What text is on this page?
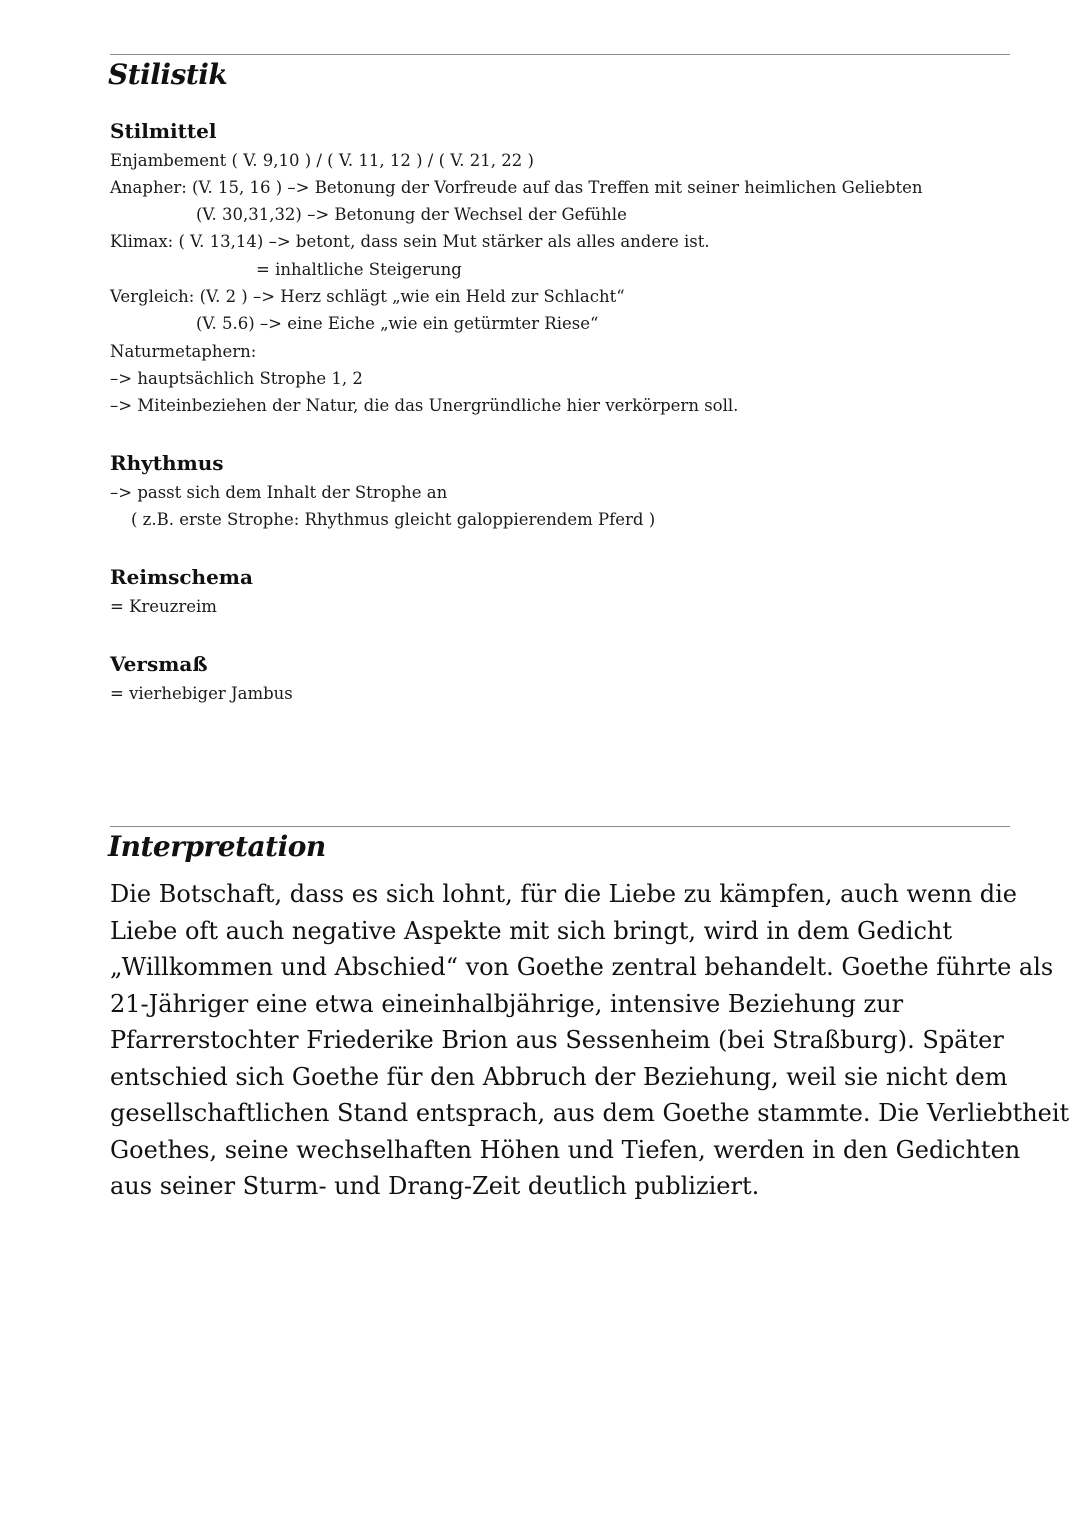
Stilistik
Stilmittel

Enjambement ( V. 9,10 ) / ( V. 11, 12 ) / ( V. 21, 22 )

Anapher: (V. 15, 16 ) –> Betonung der Vorfreude auf das Treffen mit seiner heimlichen Geliebten

(V. 30,31,32) –> Betonung der Wechsel der Gefühle

Klimax: ( V. 13,14) –> betont, dass sein Mut stärker als alles andere ist.

= inhaltliche Steigerung

Vergleich: (V. 2 ) –> Herz schlägt „wie ein Held zur Schlacht“

(V. 5.6) –> eine Eiche „wie ein getürmter Riese“

Naturmetaphern:

–> hauptsächlich Strophe 1, 2

–> Miteinbeziehen der Natur, die das Unergründliche hier verkörpern soll.

Rhythmus

–> passt sich dem Inhalt der Strophe an

( z.B. erste Strophe: Rhythmus gleicht galoppierendem Pferd )

Reimschema

= Kreuzreim

Versmaß

= vierhebiger Jambus

Interpretation
Die Botschaft, dass es sich lohnt, für die Liebe zu kämpfen, auch wenn die
Liebe oft auch negative Aspekte mit sich bringt, wird in dem Gedicht
„Willkommen und Abschied“ von Goethe zentral behandelt. Goethe führte als
21-Jähriger eine etwa eineinhalbjährige, intensive Beziehung zur
Pfarrerstochter Friederike Brion aus Sessenheim (bei Straßburg). Später
entschied sich Goethe für den Abbruch der Beziehung, weil sie nicht dem
gesellschaftlichen Stand entsprach, aus dem Goethe stammte. Die Verliebtheit
Goethes, seine wechselhaften Höhen und Tiefen, werden in den Gedichten
aus seiner Sturm- und Drang-Zeit deutlich publiziert.
